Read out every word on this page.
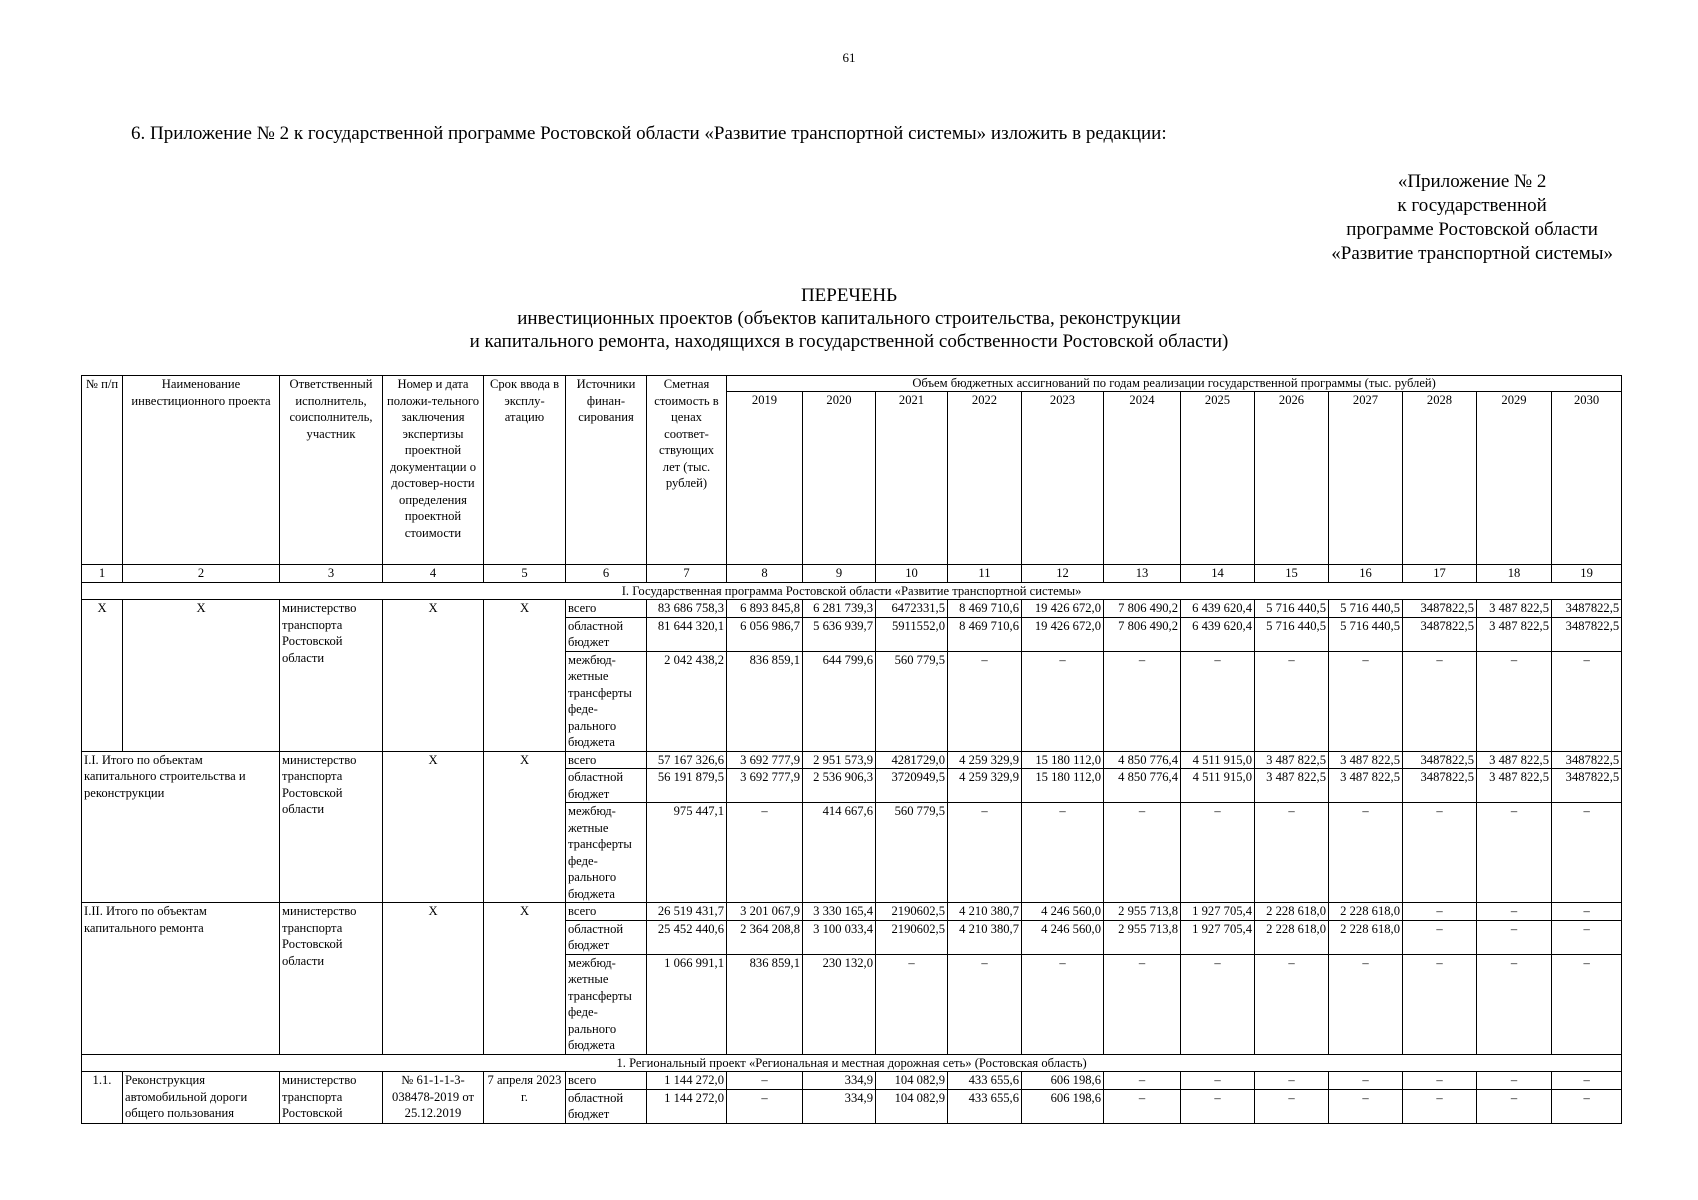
61
6. Приложение № 2 к государственной программе Ростовской области «Развитие транспортной системы» изложить в редакции:
«Приложение № 2
к государственной
программе Ростовской области
«Развитие транспортной системы»
ПЕРЕЧЕНЬ
инвестиционных проектов (объектов капитального строительства, реконструкции
и капитального ремонта, находящихся в государственной собственности Ростовской области)
№ п/п	Наименование инвестиционного проекта	Ответственный исполнитель, соисполнитель, участник	Номер и дата положи-тельного заключения экспертизы проектной документации о достовер-ности определения проектной стоимости	Срок ввода в эксплу-атацию	Источники финан-сирования	Сметная стоимость в ценах соответ-ствующих лет (тыс. рублей)	Объем бюджетных ассигнований по годам реализации государственной программы (тыс. рублей)											
							2019	2020	2021	2022	2023	2024	2025	2026	2027	2028	2029	2030
1	2	3	4	5	6	7	8	9	10	11	12	13	14	15	16	17	18	19
I. Государственная программа Ростовской области «Развитие транспортной системы»																		
X	X	министерство транспорта Ростовской области	X	X	всего	83 686 758,3	6 893 845,8	6 281 739,3	6472331,5	8 469 710,6	19 426 672,0	7 806 490,2	6 439 620,4	5 716 440,5	5 716 440,5	3487822,5	3 487 822,5	3487822,5
					областной бюджет	81 644 320,1	6 056 986,7	5 636 939,7	5911552,0	8 469 710,6	19 426 672,0	7 806 490,2	6 439 620,4	5 716 440,5	5 716 440,5	3487822,5	3 487 822,5	3487822,5
					межбюд-жетные трансферты феде-рального бюджета	2 042 438,2	836 859,1	644 799,6	560 779,5	–	–	–	–	–	–	–	–	–
I.I. Итого по объектам капитального строительства и реконструкции		министерство транспорта Ростовской области	X	X	всего	57 167 326,6	3 692 777,9	2 951 573,9	4281729,0	4 259 329,9	15 180 112,0	4 850 776,4	4 511 915,0	3 487 822,5	3 487 822,5	3487822,5	3 487 822,5	3487822,5
					областной бюджет	56 191 879,5	3 692 777,9	2 536 906,3	3720949,5	4 259 329,9	15 180 112,0	4 850 776,4	4 511 915,0	3 487 822,5	3 487 822,5	3487822,5	3 487 822,5	3487822,5
					межбюд-жетные трансферты феде-рального бюджета	975 447,1	–	414 667,6	560 779,5	–	–	–	–	–	–	–	–	–
I.II. Итого по объектам капитального ремонта		министерство транспорта Ростовской области	X	X	всего	26 519 431,7	3 201 067,9	3 330 165,4	2190602,5	4 210 380,7	4 246 560,0	2 955 713,8	1 927 705,4	2 228 618,0	2 228 618,0	–	–	–
					областной бюджет	25 452 440,6	2 364 208,8	3 100 033,4	2190602,5	4 210 380,7	4 246 560,0	2 955 713,8	1 927 705,4	2 228 618,0	2 228 618,0	–	–	–
					межбюд-жетные трансферты феде-рального бюджета	1 066 991,1	836 859,1	230 132,0	–	–	–	–	–	–	–	–	–	–
1. Региональный проект «Региональная и местная дорожная сеть» (Ростовская область)																		
1.1.	Реконструкция автомобильной дороги общего пользования	министерство транспорта Ростовской	№ 61-1-1-3-038478-2019 от 25.12.2019	7 апреля 2023 г.	всего	1 144 272,0	–	334,9	104 082,9	433 655,6	606 198,6	–	–	–	–	–	–	–
					областной бюджет	1 144 272,0	–	334,9	104 082,9	433 655,6	606 198,6	–	–	–	–	–	–	–
